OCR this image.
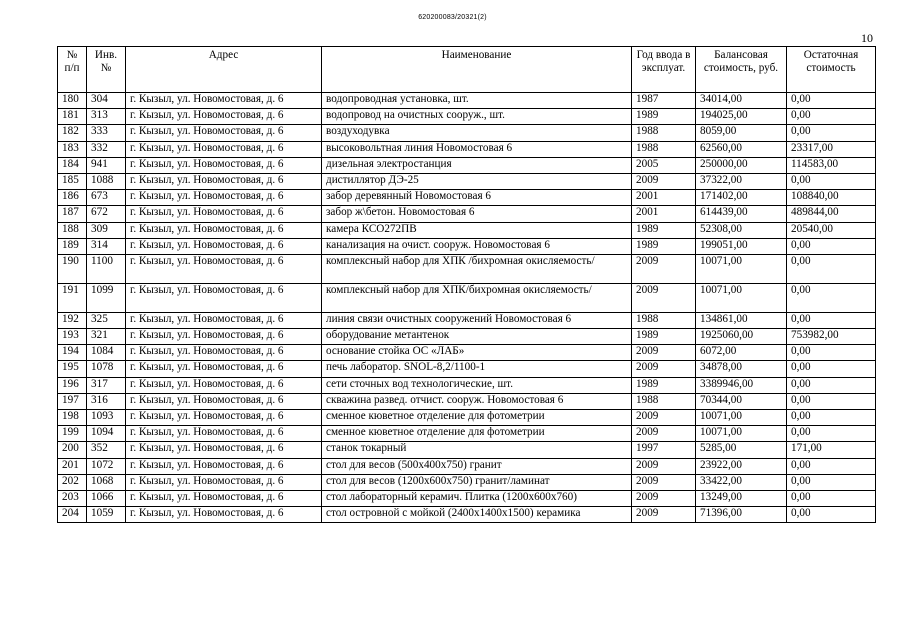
620200083/20321(2)
10
№ п/п	Инв. №	Адрес	Наименование	Год ввода в эксплуат.	Балансовая стоимость, руб.	Остаточная стоимость
180	304	г. Кызыл, ул. Новомостовая, д. 6	водопроводная установка, шт.	1987	34014,00	0,00
181	313	г. Кызыл, ул. Новомостовая, д. 6	водопровод на очистных сооруж., шт.	1989	194025,00	0,00
182	333	г. Кызыл, ул. Новомостовая, д. 6	воздуходувка	1988	8059,00	0,00
183	332	г. Кызыл, ул. Новомостовая, д. 6	высоковольтная линия Новомостовая 6	1988	62560,00	23317,00
184	941	г. Кызыл, ул. Новомостовая, д. 6	дизельная электростанция	2005	250000,00	114583,00
185	1088	г. Кызыл, ул. Новомостовая, д. 6	дистиллятор ДЭ-25	2009	37322,00	0,00
186	673	г. Кызыл, ул. Новомостовая, д. 6	забор деревянный Новомостовая 6	2001	171402,00	108840,00
187	672	г. Кызыл, ул. Новомостовая, д. 6	забор ж\бетон. Новомостовая 6	2001	614439,00	489844,00
188	309	г. Кызыл, ул. Новомостовая, д. 6	камера КСО272ПВ	1989	52308,00	20540,00
189	314	г. Кызыл, ул. Новомостовая, д. 6	канализация на очист. сооруж. Новомостовая 6	1989	199051,00	0,00
190	1100	г. Кызыл, ул. Новомостовая, д. 6	комплексный набор для ХПК /бихромная окисляемость/	2009	10071,00	0,00
191	1099	г. Кызыл, ул. Новомостовая, д. 6	комплексный набор для ХПК/бихромная окисляемость/	2009	10071,00	0,00
192	325	г. Кызыл, ул. Новомостовая, д. 6	линия связи очистных сооружений Новомостовая 6	1988	134861,00	0,00
193	321	г. Кызыл, ул. Новомостовая, д. 6	оборудование метантенок	1989	1925060,00	753982,00
194	1084	г. Кызыл, ул. Новомостовая, д. 6	основание стойка ОС «ЛАБ»	2009	6072,00	0,00
195	1078	г. Кызыл, ул. Новомостовая, д. 6	печь лаборатор. SNOL-8,2/1100-1	2009	34878,00	0,00
196	317	г. Кызыл, ул. Новомостовая, д. 6	сети сточных вод технологические, шт.	1989	3389946,00	0,00
197	316	г. Кызыл, ул. Новомостовая, д. 6	скважина развед. отчист. сооруж. Новомостовая 6	1988	70344,00	0,00
198	1093	г. Кызыл, ул. Новомостовая, д. 6	сменное кюветное отделение для фотометрии	2009	10071,00	0,00
199	1094	г. Кызыл, ул. Новомостовая, д. 6	сменное кюветное отделение для фотометрии	2009	10071,00	0,00
200	352	г. Кызыл, ул. Новомостовая, д. 6	станок токарный	1997	5285,00	171,00
201	1072	г. Кызыл, ул. Новомостовая, д. 6	стол для весов (500х400х750) гранит	2009	23922,00	0,00
202	1068	г. Кызыл, ул. Новомостовая, д. 6	стол для весов (1200х600х750) гранит/ламинат	2009	33422,00	0,00
203	1066	г. Кызыл, ул. Новомостовая, д. 6	стол лабораторный керамич. Плитка (1200х600х760)	2009	13249,00	0,00
204	1059	г. Кызыл, ул. Новомостовая, д. 6	стол островной с мойкой (2400х1400х1500) керамика	2009	71396,00	0,00
